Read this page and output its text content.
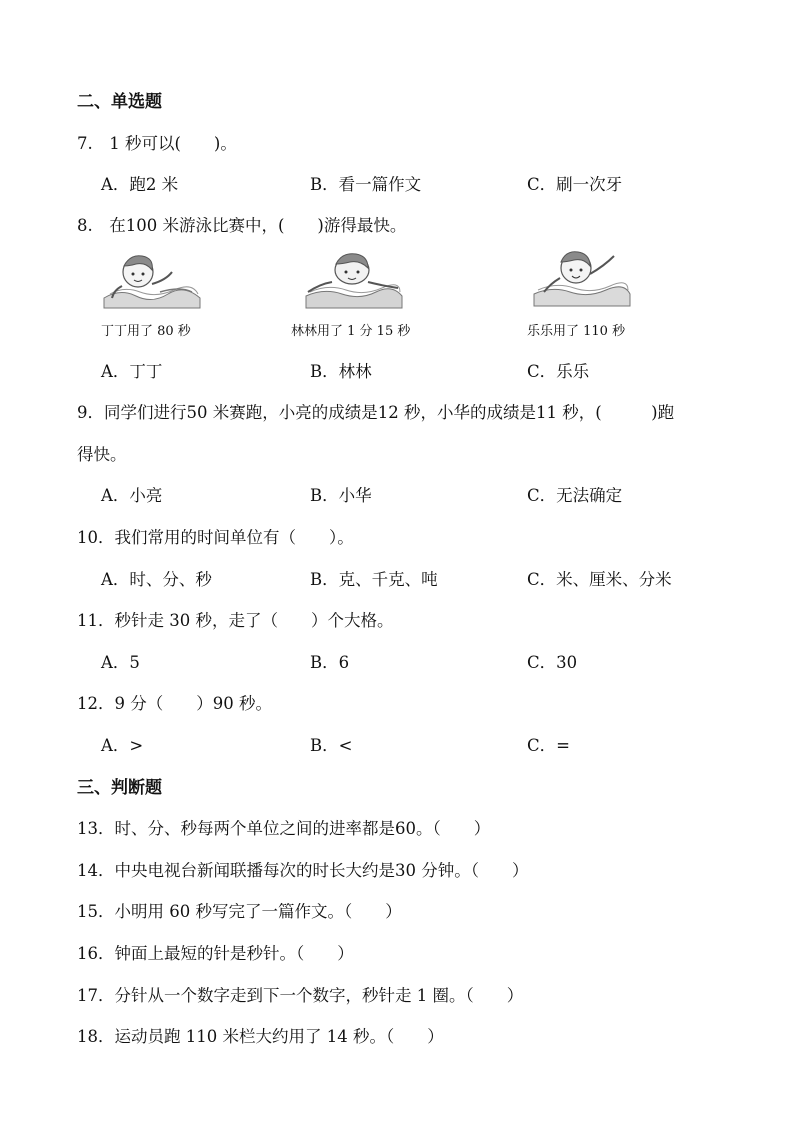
二、单选题
7.　1 秒可以(　　)。
A．跑2 米	B．看一篇作文	C．刷一次牙
8.　在100 米游泳比赛中，(　　)游得最快。
丁丁用了 80 秒	林林用了 1 分 15 秒	乐乐用了 110 秒
A．丁丁	B．林林	C．乐乐
9．同学们进行50 米赛跑，小亮的成绩是12 秒，小华的成绩是11 秒，(　　　)跑
得快。
A．小亮	B．小华	C．无法确定
10．我们常用的时间单位有（　　）。
A．时、分、秒	B．克、千克、吨	C．米、厘米、分米
11．秒针走 30 秒，走了（　　）个大格。
A．5	B．6	C．30
12．9 分（　　）90 秒。
A．>	B．<	C．=
三、判断题
13．时、分、秒每两个单位之间的进率都是60。（　　）
14．中央电视台新闻联播每次的时长大约是30 分钟。（　　）
15．小明用 60 秒写完了一篇作文。（　　）
16．钟面上最短的针是秒针。（　　）
17．分针从一个数字走到下一个数字，秒针走 1 圈。（　　）
18．运动员跑 110 米栏大约用了 14 秒。（　　）
